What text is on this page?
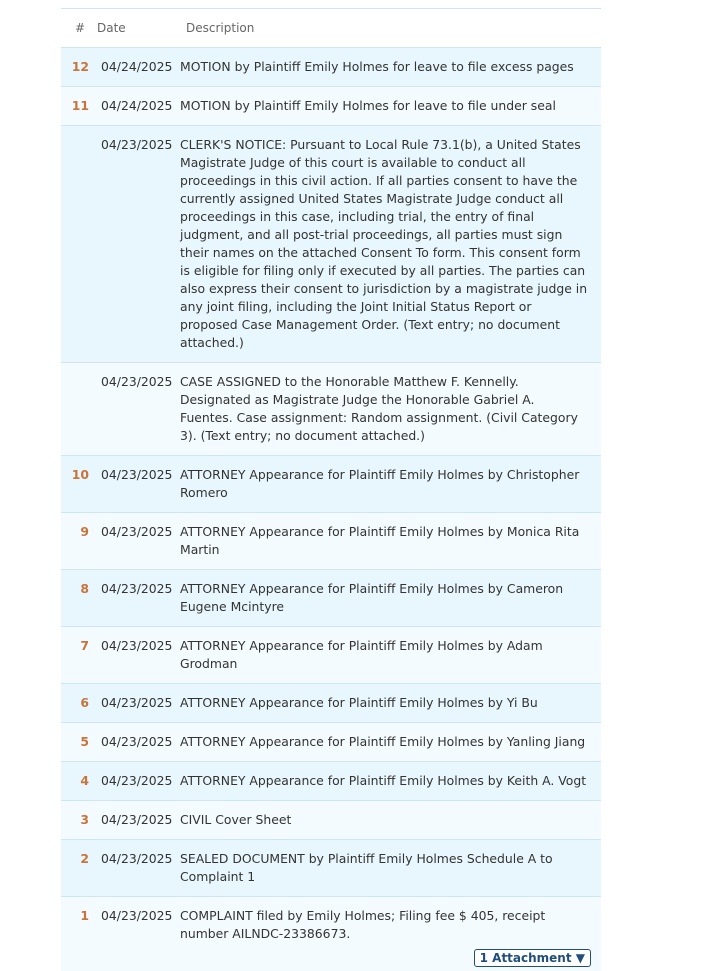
# Date	Description
12 04/24/2025 MOTION by Plaintiff Emily Holmes for leave to file excess pages
11 04/24/2025 MOTION by Plaintiff Emily Holmes for leave to file under seal
04/23/2025 CLERK'S NOTICE: Pursuant to Local Rule 73.1(b), a United States Magistrate Judge of this court is available to conduct all proceedings in this civil action. If all parties consent to have the currently assigned United States Magistrate Judge conduct all proceedings in this case, including trial, the entry of final judgment, and all post-trial proceedings, all parties must sign their names on the attached Consent To form. This consent form is eligible for filing only if executed by all parties. The parties can also express their consent to jurisdiction by a magistrate judge in any joint filing, including the Joint Initial Status Report or proposed Case Management Order. (Text entry; no document attached.)
04/23/2025 CASE ASSIGNED to the Honorable Matthew F. Kennelly. Designated as Magistrate Judge the Honorable Gabriel A. Fuentes. Case assignment: Random assignment. (Civil Category 3). (Text entry; no document attached.)
10 04/23/2025 ATTORNEY Appearance for Plaintiff Emily Holmes by Christopher Romero
9 04/23/2025 ATTORNEY Appearance for Plaintiff Emily Holmes by Monica Rita Martin
8 04/23/2025 ATTORNEY Appearance for Plaintiff Emily Holmes by Cameron Eugene Mcintyre
7 04/23/2025 ATTORNEY Appearance for Plaintiff Emily Holmes by Adam Grodman
6 04/23/2025 ATTORNEY Appearance for Plaintiff Emily Holmes by Yi Bu
5 04/23/2025 ATTORNEY Appearance for Plaintiff Emily Holmes by Yanling Jiang
4 04/23/2025 ATTORNEY Appearance for Plaintiff Emily Holmes by Keith A. Vogt
3 04/23/2025 CIVIL Cover Sheet
2 04/23/2025 SEALED DOCUMENT by Plaintiff Emily Holmes Schedule A to Complaint 1
1 04/23/2025 COMPLAINT filed by Emily Holmes; Filing fee $ 405, receipt number AILNDC-23386673.
1 Attachment ▼
